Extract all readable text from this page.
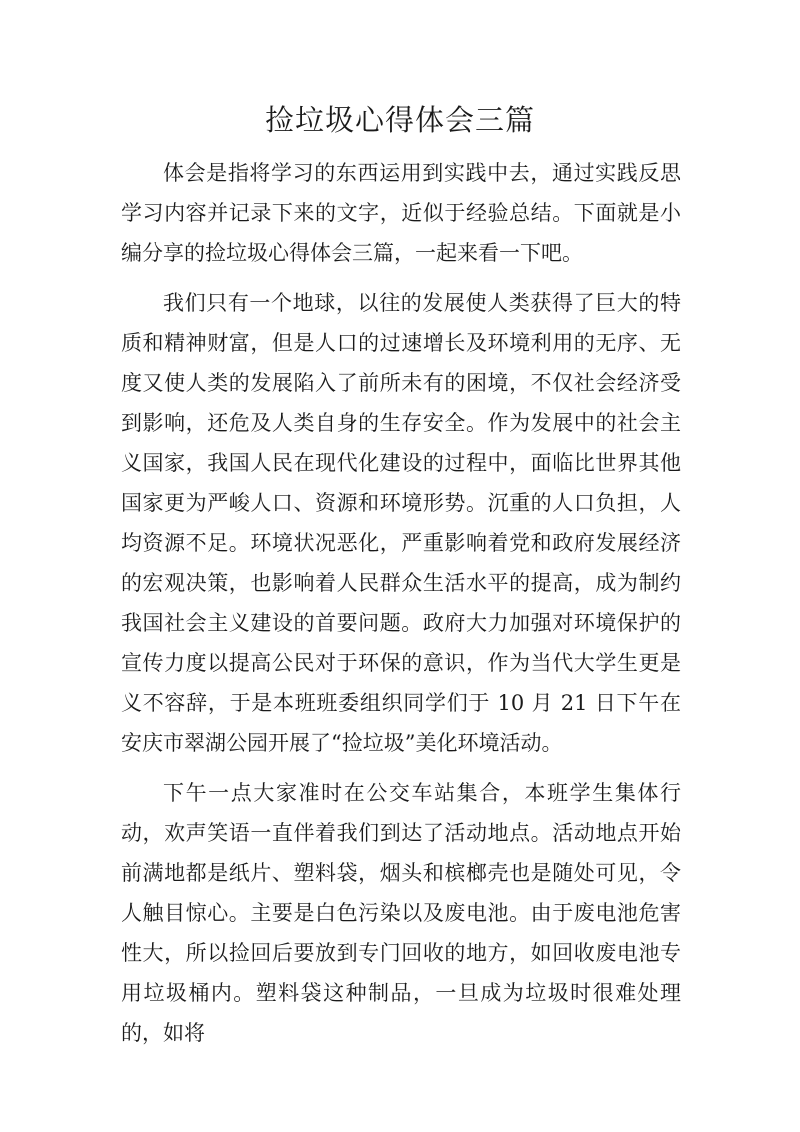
捡垃圾心得体会三篇

体会是指将学习的东西运用到实践中去，通过实践反思学习内容并记录下来的文字，近似于经验总结。下面就是小编分享的捡垃圾心得体会三篇，一起来看一下吧。

我们只有一个地球，以往的发展使人类获得了巨大的特质和精神财富，但是人口的过速增长及环境利用的无序、无度又使人类的发展陷入了前所未有的困境，不仅社会经济受到影响，还危及人类自身的生存安全。作为发展中的社会主义国家，我国人民在现代化建设的过程中，面临比世界其他国家更为严峻人口、资源和环境形势。沉重的人口负担，人均资源不足。环境状况恶化，严重影响着党和政府发展经济的宏观决策，也影响着人民群众生活水平的提高，成为制约我国社会主义建设的首要问题。政府大力加强对环境保护的宣传力度以提高公民对于环保的意识，作为当代大学生更是义不容辞，于是本班班委组织同学们于 10 月 21 日下午在安庆市翠湖公园开展了“捡垃圾”美化环境活动。

下午一点大家准时在公交车站集合，本班学生集体行动，欢声笑语一直伴着我们到达了活动地点。活动地点开始前满地都是纸片、塑料袋，烟头和槟榔壳也是随处可见，令人触目惊心。主要是白色污染以及废电池。由于废电池危害性大，所以捡回后要放到专门回收的地方，如回收废电池专用垃圾桶内。塑料袋这种制品，一旦成为垃圾时很难处理的，如将
